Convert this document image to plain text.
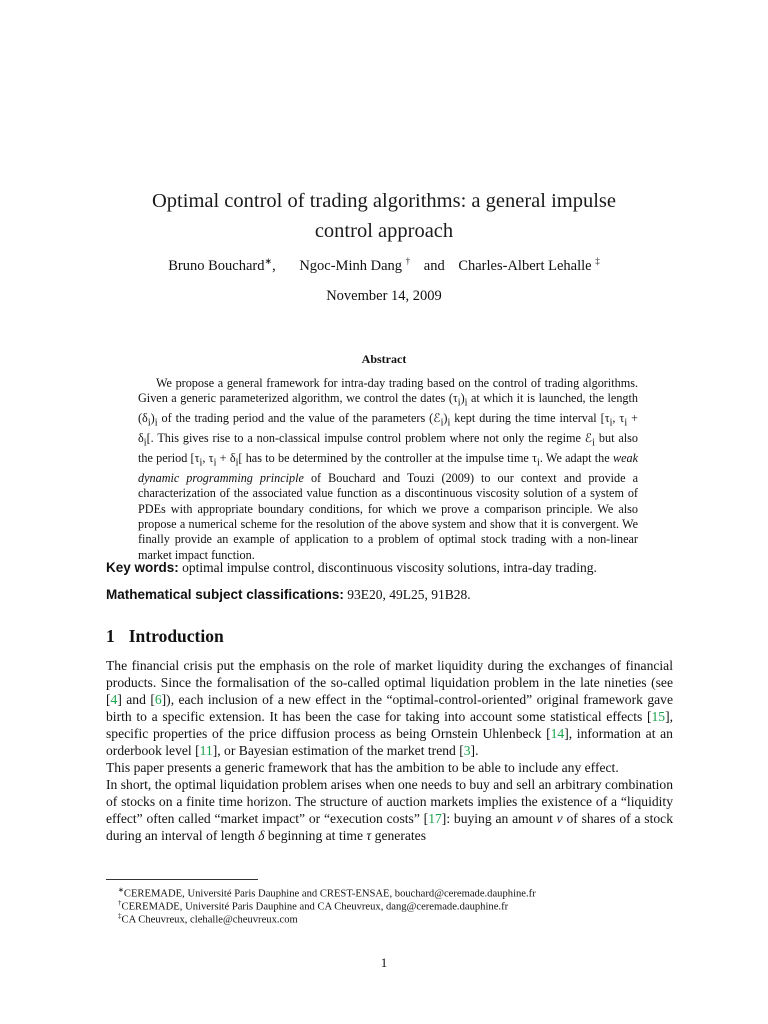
Optimal control of trading algorithms: a general impulse
control approach
Bruno Bouchard∗, Ngoc-Minh Dang † and Charles-Albert Lehalle ‡
November 14, 2009
Abstract
We propose a general framework for intra-day trading based on the control of trading algorithms. Given a generic parameterized algorithm, we control the dates $(\tau_i)_i$ at which it is launched, the length $(\delta_i)_i$ of the trading period and the value of the parameters $(ℰ_i)_i$ kept during the time interval [$\tau_i$, $\tau_i + \delta_i$[. This gives rise to a non-classical impulse control problem where not only the regime ℰ$_i$ but also the period [$\tau_i$, $\tau_i + \delta_i$[ has to be determined by the controller at the impulse time $\tau_i$. We adapt the weak dynamic programming principle of Bouchard and Touzi (2009) to our context and provide a characterization of the associated value function as a discontinuous viscosity solution of a system of PDEs with appropriate boundary conditions, for which we prove a comparison principle. We also propose a numerical scheme for the resolution of the above system and show that it is convergent. We finally provide an example of application to a problem of optimal stock trading with a non-linear market impact function.
Key words: optimal impulse control, discontinuous viscosity solutions, intra-day trading.
Mathematical subject classifications: 93E20, 49L25, 91B28.
1 Introduction

The financial crisis put the emphasis on the role of market liquidity during the exchanges of financial products. Since the formalisation of the so-called optimal liquidation problem in the late nineties (see [4] and [6]), each inclusion of a new effect in the “optimal-control-oriented” original framework gave birth to a specific extension. It has been the case for taking into account some statistical effects [15], specific properties of the price diffusion process as being Ornstein Uhlenbeck [14], information at an orderbook level [11], or Bayesian estimation of the market trend [3].

This paper presents a generic framework that has the ambition to be able to include any effect.

In short, the optimal liquidation problem arises when one needs to buy and sell an arbitrary combination of stocks on a finite time horizon. The structure of auction markets implies the existence of a “liquidity effect” often called “market impact” or “execution costs” [17]: buying an amount v of shares of a stock during an interval of length δ beginning at time τ generates

∗CEREMADE, Université Paris Dauphine and CREST-ENSAE, bouchard@ceremade.dauphine.fr
†CEREMADE, Université Paris Dauphine and CA Cheuvreux, dang@ceremade.dauphine.fr
‡CA Cheuvreux, clehalle@cheuvreux.com
1
